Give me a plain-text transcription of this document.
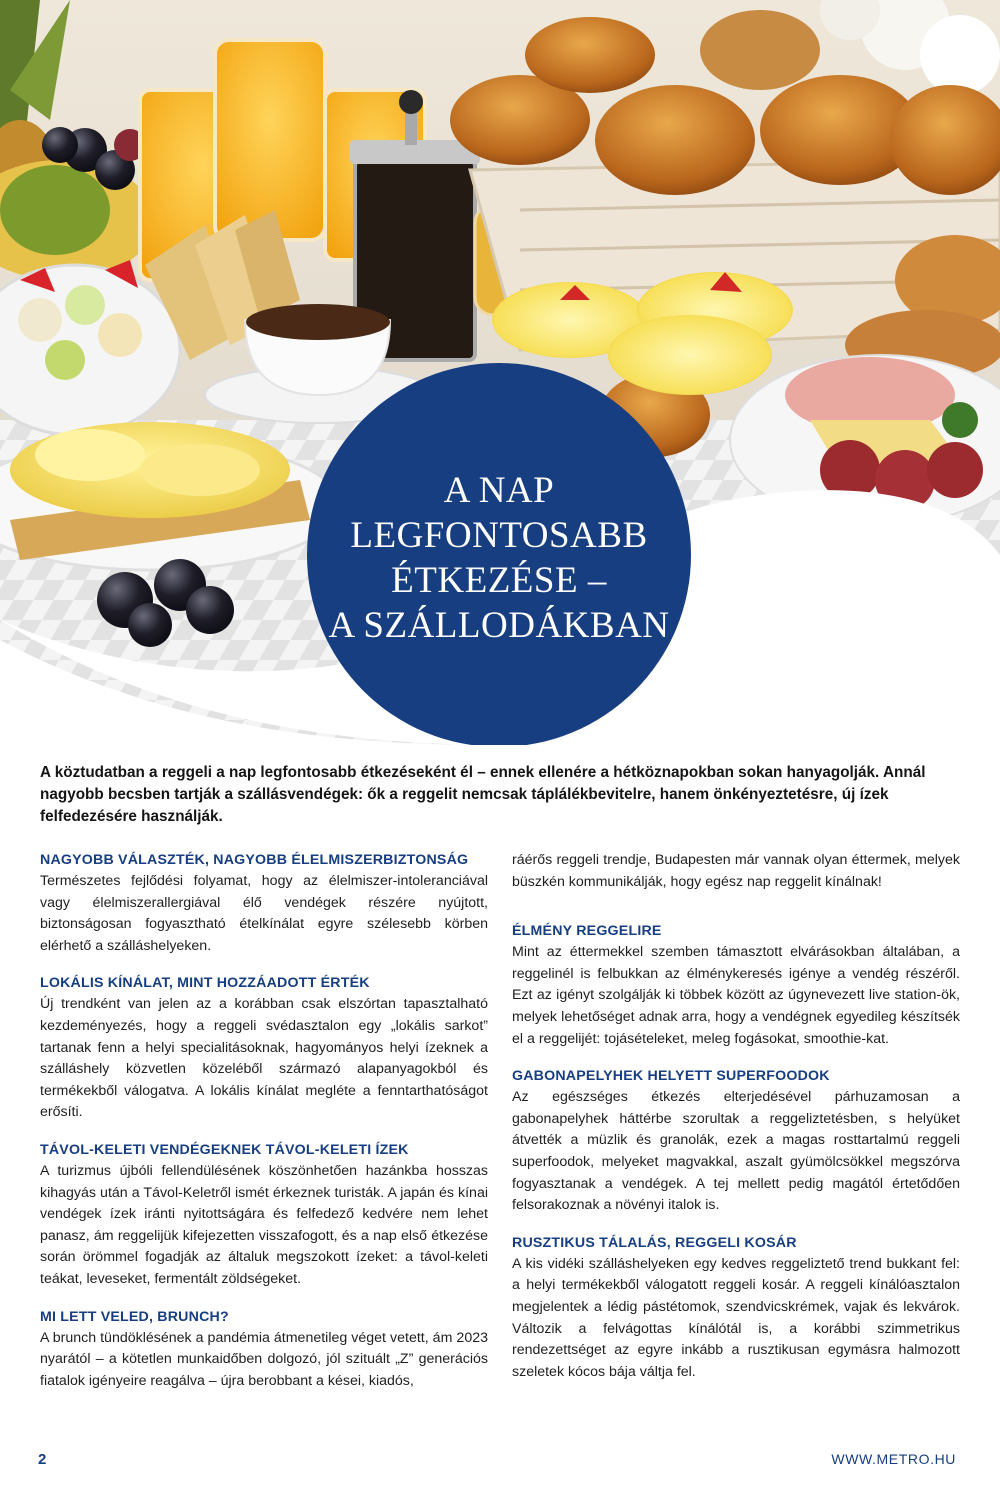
A NAP
LEGFONTOSABB
ÉTKEZÉSE –
A SZÁLLODÁKBAN

A köztudatban a reggeli a nap legfontosabb étkezéseként él – ennek ellenére a hétköznapokban sokan hanyagolják. Annál nagyobb becsben tartják a szállásvendégek: ők a reggelit nemcsak táplálékbevitelre, hanem önkényeztetésre, új ízek felfedezésére használják.

NAGYOBB VÁLASZTÉK, NAGYOBB ÉLELMISZERBIZTONSÁG

Természetes fejlődési folyamat, hogy az élelmiszer-intoleranciával vagy élelmiszerallergiával élő vendégek részére nyújtott, biztonságosan fogyasztható ételkínálat egyre szélesebb körben elérhető a szálláshelyeken.

LOKÁLIS KÍNÁLAT, MINT HOZZÁADOTT ÉRTÉK

Új trendként van jelen az a korábban csak elszórtan tapasztalható kezdeményezés, hogy a reggeli svédasztalon egy „lokális sarkot” tartanak fenn a helyi specialitásoknak, hagyományos helyi ízeknek a szálláshely közvetlen közeléből származó alapanyagokból és termékekből válogatva. A lokális kínálat megléte a fenntarthatóságot erősíti.

TÁVOL-KELETI VENDÉGEKNEK TÁVOL-KELETI ÍZEK

A turizmus újbóli fellendülésének köszönhetően hazánkba hosszas kihagyás után a Távol-Keletről ismét érkeznek turisták. A japán és kínai vendégek ízek iránti nyitottságára és felfedező kedvére nem lehet panasz, ám reggelijük kifejezetten visszafogott, és a nap első étkezése során örömmel fogadják az általuk megszokott ízeket: a távol-keleti teákat, leveseket, fermentált zöldségeket.

MI LETT VELED, BRUNCH?

A brunch tündöklésének a pandémia átmenetileg véget vetett, ám 2023 nyarától – a kötetlen munkaidőben dolgozó, jól szituált „Z” generációs fiatalok igényeire reagálva – újra berobbant a kései, kiadós,

ráérős reggeli trendje, Budapesten már vannak olyan éttermek, melyek büszkén kommunikálják, hogy egész nap reggelit kínálnak!

ÉLMÉNY REGGELIRE

Mint az éttermekkel szemben támasztott elvárásokban általában, a reggelinél is felbukkan az élménykeresés igénye a vendég részéről. Ezt az igényt szolgálják ki többek között az úgynevezett live station-ök, melyek lehetőséget adnak arra, hogy a vendégnek egyedileg készítsék el a reggelijét: tojásételeket, meleg fogásokat, smoothie-kat.

GABONAPELYHEK HELYETT SUPERFOODOK

Az egészséges étkezés elterjedésével párhuzamosan a gabonapelyhek háttérbe szorultak a reggeliztetésben, s helyüket átvették a müzlik és granolák, ezek a magas rosttartalmú reggeli superfoodok, melyeket magvakkal, aszalt gyümölcsökkel megszórva fogyasztanak a vendégek. A tej mellett pedig magától értetődően felsorakoznak a növényi italok is.

RUSZTIKUS TÁLALÁS, REGGELI KOSÁR

A kis vidéki szálláshelyeken egy kedves reggeliztető trend bukkant fel: a helyi termékekből válogatott reggeli kosár. A reggeli kínálóasztalon megjelentek a lédig pástétomok, szendvicskrémek, vajak és lekvárok. Változik a felvágottas kínálótál is, a korábbi szimmetrikus rendezettséget az egyre inkább a rusztikusan egymásra halmozott szeletek kócos bája váltja fel.

2	WWW.METRO.HU
